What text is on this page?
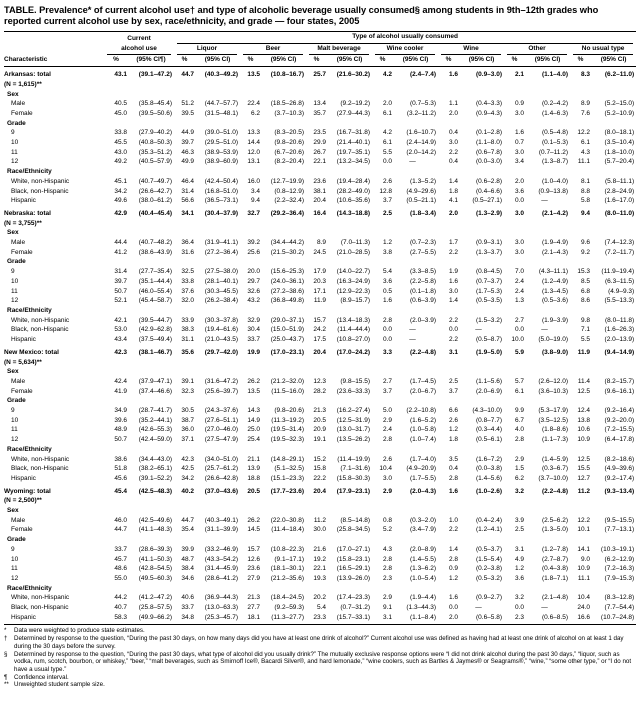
TABLE. Prevalence* of current alcohol use† and type of alcoholic beverage usually consumed§ among students in 9th–12th grades who reported current alcohol use by sex, race/ethnicity, and grade — four states, 2005
	Current		Type of alcohol usually consumed													

	alcohol use		Liquor		Beer		Malt beverage		Wine cooler		Wine		Other		No usual type	

Characteristic	%	(95% CI¶)	%	(95% CI)	%	(95% CI)	%	(95% CI)	%	(95% CI)	%	(95% CI)	%	(95% CI)	%	(95% CI)

Arkansas: total
(N = 1,615)**	43.1	(39.1–47.2)	44.7	(40.3–49.2)	13.5	(10.8–16.7)	25.7	(21.6–30.2)	4.2	(2.4–7.4)	1.6	(0.9–3.0)	2.1	(1.1–4.0)	8.3	(6.2–11.0)
Sex																
Male	40.5	(35.8–45.4)	51.2	(44.7–57.7)	22.4	(18.5–26.8)	13.4	(9.2–19.2)	2.0	(0.7–5.3)	1.1	(0.4–3.3)	0.9	(0.2–4.2)	8.9	(5.2–15.0)
Female	45.0	(39.5–50.6)	39.5	(31.5–48.1)	6.2	(3.7–10.3)	35.7	(27.9–44.3)	6.1	(3.2–11.2)	2.0	(0.9–4.3)	3.0	(1.4–6.3)	7.6	(5.2–10.9)
Grade																
9	33.8	(27.9–40.2)	44.9	(39.0–51.0)	13.3	(8.3–20.5)	23.5	(16.7–31.8)	4.2	(1.6–10.7)	0.4	(0.1–2.8)	1.6	(0.5–4.8)	12.2	(8.0–18.1)
10	45.5	(40.8–50.3)	39.7	(29.5–51.0)	14.4	(9.8–20.6)	29.9	(21.4–40.1)	6.1	(2.4–14.9)	3.0	(1.1–8.0)	0.7	(0.1–5.3)	6.1	(3.5–10.4)
11	43.0	(35.3–51.2)	46.3	(38.9–53.9)	12.0	(6.7–20.6)	26.7	(19.7–35.1)	5.5	(2.0–14.2)	2.2	(0.6–7.8)	3.0	(0.7–11.2)	4.3	(1.8–10.0)
12	49.2	(40.5–57.9)	49.9	(38.9–60.9)	13.1	(8.2–20.4)	22.1	(13.2–34.5)	0.0	—	0.4	(0.0–3.0)	3.4	(1.3–8.7)	11.1	(5.7–20.4)
Race/Ethnicity																
White, non-Hispanic	45.1	(40.7–49.7)	46.4	(42.4–50.4)	16.0	(12.7–19.9)	23.6	(19.4–28.4)	2.6	(1.3–5.2)	1.4	(0.6–2.8)	2.0	(1.0–4.0)	8.1	(5.8–11.1)
Black, non-Hispanic	34.2	(26.6–42.7)	31.4	(16.8–51.0)	3.4	(0.8–12.9)	38.1	(28.2–49.0)	12.8	(4.9–29.6)	1.8	(0.4–6.6)	3.6	(0.9–13.8)	8.8	(2.8–24.9)
Hispanic	49.6	(38.0–61.2)	56.6	(36.5–73.1)	9.4	(2.2–32.4)	20.4	(10.6–35.6)	3.7	(0.5–21.1)	4.1	(0.5–27.1)	0.0	—	5.8	(1.6–17.0)

Nebraska: total
(N = 3,755)**	42.9	(40.4–45.4)	34.1	(30.4–37.9)	32.7	(29.2–36.4)	16.4	(14.3–18.8)	2.5	(1.8–3.4)	2.0	(1.3–2.9)	3.0	(2.1–4.2)	9.4	(8.0–11.0)
Sex																
Male	44.4	(40.7–48.2)	36.4	(31.9–41.1)	39.2	(34.4–44.2)	8.9	(7.0–11.3)	1.2	(0.7–2.3)	1.7	(0.9–3.1)	3.0	(1.9–4.9)	9.6	(7.4–12.3)
Female	41.2	(38.6–43.9)	31.6	(27.2–36.4)	25.6	(21.5–30.2)	24.5	(21.0–28.5)	3.8	(2.7–5.5)	2.2	(1.3–3.7)	3.0	(2.1–4.3)	9.2	(7.2–11.7)
Grade																
9	31.4	(27.7–35.4)	32.5	(27.5–38.0)	20.0	(15.6–25.3)	17.9	(14.0–22.7)	5.4	(3.3–8.5)	1.9	(0.8–4.5)	7.0	(4.3–11.1)	15.3	(11.9–19.4)
10	39.7	(35.1–44.4)	33.8	(28.1–40.1)	29.7	(24.0–36.1)	20.3	(16.3–24.9)	3.6	(2.2–5.8)	1.6	(0.7–3.7)	2.4	(1.2–4.9)	8.5	(6.3–11.5)
11	50.7	(46.0–55.4)	37.6	(30.3–45.5)	32.6	(27.2–38.6)	17.1	(12.9–22.3)	0.5	(0.1–1.8)	3.0	(1.7–5.3)	2.4	(1.3–4.5)	6.8	(4.9–9.3)
12	52.1	(45.4–58.7)	32.0	(26.2–38.4)	43.2	(36.8–49.8)	11.9	(8.9–15.7)	1.6	(0.6–3.9)	1.4	(0.5–3.5)	1.3	(0.5–3.6)	8.6	(5.5–13.3)
Race/Ethnicity																
White, non-Hispanic	42.1	(39.5–44.7)	33.9	(30.3–37.8)	32.9	(29.0–37.1)	15.7	(13.4–18.3)	2.8	(2.0–3.9)	2.2	(1.5–3.2)	2.7	(1.9–3.9)	9.8	(8.0–11.8)
Black, non-Hispanic	53.0	(42.9–62.8)	38.3	(19.4–61.6)	30.4	(15.0–51.9)	24.2	(11.4–44.4)	0.0	—	0.0	—	0.0	—	7.1	(1.6–26.3)
Hispanic	43.4	(37.5–49.4)	31.1	(21.0–43.5)	33.7	(25.0–43.7)	17.5	(10.8–27.0)	0.0	—	2.2	(0.5–8.7)	10.0	(5.0–19.0)	5.5	(2.0–13.9)

New Mexico: total
(N = 5,634)**	42.3	(38.1–46.7)	35.6	(29.7–42.0)	19.9	(17.0–23.1)	20.4	(17.0–24.2)	3.3	(2.2–4.8)	3.1	(1.9–5.0)	5.9	(3.8–9.0)	11.9	(9.4–14.9)
Sex																
Male	42.4	(37.9–47.1)	39.1	(31.6–47.2)	26.2	(21.2–32.0)	12.3	(9.8–15.5)	2.7	(1.7–4.5)	2.5	(1.1–5.6)	5.7	(2.6–12.0)	11.4	(8.2–15.7)
Female	41.9	(37.4–46.6)	32.3	(25.6–39.7)	13.5	(11.5–16.0)	28.2	(23.6–33.3)	3.7	(2.0–6.7)	3.7	(2.0–6.9)	6.1	(3.6–10.3)	12.5	(9.6–16.1)
Grade																
9	34.9	(28.7–41.7)	30.5	(24.3–37.6)	14.3	(9.8–20.6)	21.3	(16.2–27.4)	5.0	(2.2–10.8)	6.6	(4.3–10.0)	9.9	(5.3–17.9)	12.4	(9.2–16.4)
10	39.6	(35.2–44.1)	38.7	(27.6–51.1)	14.9	(11.3–19.2)	20.5	(12.5–31.9)	2.9	(1.6–5.2)	2.6	(0.8–7.7)	6.7	(3.5–12.5)	13.8	(9.2–20.0)
11	48.9	(42.6–55.3)	36.0	(27.0–46.0)	25.0	(19.5–31.4)	20.9	(13.0–31.7)	2.4	(1.0–5.8)	1.2	(0.3–4.4)	4.0	(1.8–8.6)	10.6	(7.2–15.5)
12	50.7	(42.4–59.0)	37.1	(27.5–47.9)	25.4	(19.5–32.3)	19.1	(13.5–26.2)	2.8	(1.0–7.4)	1.8	(0.5–6.1)	2.8	(1.1–7.3)	10.9	(6.4–17.8)
Race/Ethnicity																
White, non-Hispanic	38.6	(34.4–43.0)	42.3	(34.0–51.0)	21.1	(14.8–29.1)	15.2	(11.4–19.9)	2.6	(1.7–4.0)	3.5	(1.6–7.2)	2.9	(1.4–5.9)	12.5	(8.2–18.6)
Black, non-Hispanic	51.8	(38.2–65.1)	42.5	(25.7–61.2)	13.9	(5.1–32.5)	15.8	(7.1–31.6)	10.4	(4.9–20.9)	0.4	(0.0–3.8)	1.5	(0.3–6.7)	15.5	(4.9–39.6)
Hispanic	45.6	(39.1–52.2)	34.2	(26.6–42.8)	18.8	(15.1–23.3)	22.2	(15.8–30.3)	3.0	(1.7–5.5)	2.8	(1.4–5.6)	6.2	(3.7–10.0)	12.7	(9.2–17.4)

Wyoming: total
(N = 2,500)**	45.4	(42.5–48.3)	40.2	(37.0–43.6)	20.5	(17.7–23.6)	20.4	(17.9–23.1)	2.9	(2.0–4.3)	1.6	(1.0–2.6)	3.2	(2.2–4.8)	11.2	(9.3–13.4)
Sex																
Male	46.0	(42.5–49.6)	44.7	(40.3–49.1)	26.2	(22.0–30.8)	11.2	(8.5–14.8)	0.8	(0.3–2.0)	1.0	(0.4–2.4)	3.9	(2.5–6.2)	12.2	(9.5–15.5)
Female	44.7	(41.1–48.3)	35.4	(31.1–39.9)	14.5	(11.4–18.4)	30.0	(25.8–34.5)	5.2	(3.4–7.9)	2.2	(1.2–4.1)	2.5	(1.3–5.0)	10.1	(7.7–13.1)
Grade																
9	33.7	(28.6–39.3)	39.9	(33.2–46.9)	15.7	(10.8–22.3)	21.6	(17.0–27.1)	4.3	(2.0–8.9)	1.4	(0.5–3.7)	3.1	(1.2–7.8)	14.1	(10.3–19.1)
10	45.7	(41.1–50.3)	48.7	(43.3–54.2)	12.6	(9.1–17.1)	19.2	(15.8–23.1)	2.8	(1.4–5.5)	2.8	(1.5–5.4)	4.9	(2.7–8.7)	9.0	(6.2–12.9)
11	48.6	(42.8–54.5)	38.4	(31.4–45.9)	23.6	(18.1–30.1)	22.1	(16.5–29.1)	2.8	(1.3–6.2)	0.9	(0.2–3.8)	1.2	(0.4–3.8)	10.9	(7.2–16.3)
12	55.0	(49.5–60.3)	34.6	(28.6–41.2)	27.9	(21.2–35.6)	19.3	(13.9–26.0)	2.3	(1.0–5.4)	1.2	(0.5–3.2)	3.6	(1.8–7.1)	11.1	(7.9–15.3)
Race/Ethnicity																
White, non-Hispanic	44.2	(41.2–47.2)	40.6	(36.9–44.3)	21.3	(18.4–24.5)	20.2	(17.4–23.3)	2.9	(1.9–4.4)	1.6	(0.9–2.7)	3.2	(2.1–4.8)	10.4	(8.3–12.8)
Black, non-Hispanic	40.7	(25.8–57.5)	33.7	(13.0–63.3)	27.7	(9.2–59.3)	5.4	(0.7–31.2)	9.1	(1.3–44.3)	0.0	—	0.0	—	24.0	(7.7–54.4)
Hispanic	58.3	(49.9–66.2)	34.8	(25.3–45.7)	18.1	(11.3–27.7)	23.3	(15.7–33.1)	3.1	(1.1–8.4)	2.0	(0.6–5.8)	2.3	(0.6–8.5)	16.6	(10.7–24.8)
*	Data were weighted to produce state estimates.
†	Determined by response to the question, “During the past 30 days, on how many days did you have at least one drink of alcohol?” Current alcohol use was defined as having had at least one drink of alcohol on at least 1 day during the 30 days before the survey.
§	Determined by response to the question, “During the past 30 days, what type of alcohol did you usually drink?” The mutually exclusive response options were “I did not drink alcohol during the past 30 days,” “liquor, such as vodka, rum, scotch, bourbon, or whiskey,” “beer,” “malt beverages, such as Smirnoff Ice®, Bacardi Silver®, and hard lemonade,” “wine coolers, such as Bartles & Jaymes® or Seagrams®,” “wine,” “some other type,” or “I do not have a usual type.”
¶	Confidence interval.
** Unweighted student sample size.
